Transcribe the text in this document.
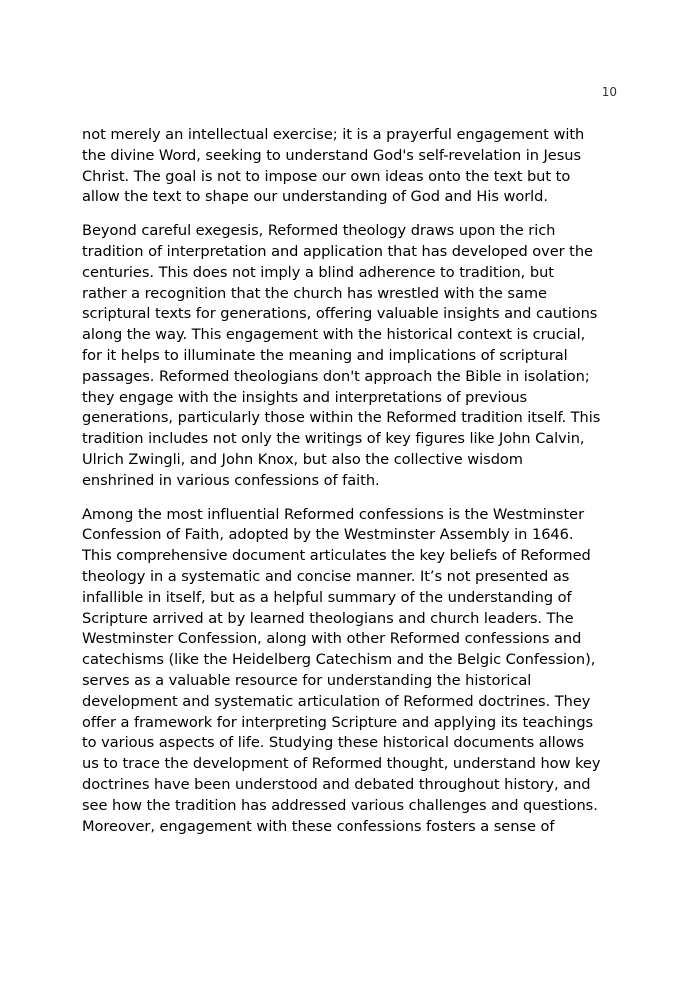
10

not merely an intellectual exercise; it is a prayerful engagement with
the divine Word, seeking to understand God's self-revelation in Jesus
Christ. The goal is not to impose our own ideas onto the text but to
allow the text to shape our understanding of God and His world.

Beyond careful exegesis, Reformed theology draws upon the rich
tradition of interpretation and application that has developed over the
centuries. This does not imply a blind adherence to tradition, but
rather a recognition that the church has wrestled with the same
scriptural texts for generations, offering valuable insights and cautions
along the way. This engagement with the historical context is crucial,
for it helps to illuminate the meaning and implications of scriptural
passages. Reformed theologians don't approach the Bible in isolation;
they engage with the insights and interpretations of previous
generations, particularly those within the Reformed tradition itself. This
tradition includes not only the writings of key figures like John Calvin,
Ulrich Zwingli, and John Knox, but also the collective wisdom
enshrined in various confessions of faith.

Among the most influential Reformed confessions is the Westminster
Confession of Faith, adopted by the Westminster Assembly in 1646.
This comprehensive document articulates the key beliefs of Reformed
theology in a systematic and concise manner. It’s not presented as
infallible in itself, but as a helpful summary of the understanding of
Scripture arrived at by learned theologians and church leaders. The
Westminster Confession, along with other Reformed confessions and
catechisms (like the Heidelberg Catechism and the Belgic Confession),
serves as a valuable resource for understanding the historical
development and systematic articulation of Reformed doctrines. They
offer a framework for interpreting Scripture and applying its teachings
to various aspects of life. Studying these historical documents allows
us to trace the development of Reformed thought, understand how key
doctrines have been understood and debated throughout history, and
see how the tradition has addressed various challenges and questions.
Moreover, engagement with these confessions fosters a sense of
